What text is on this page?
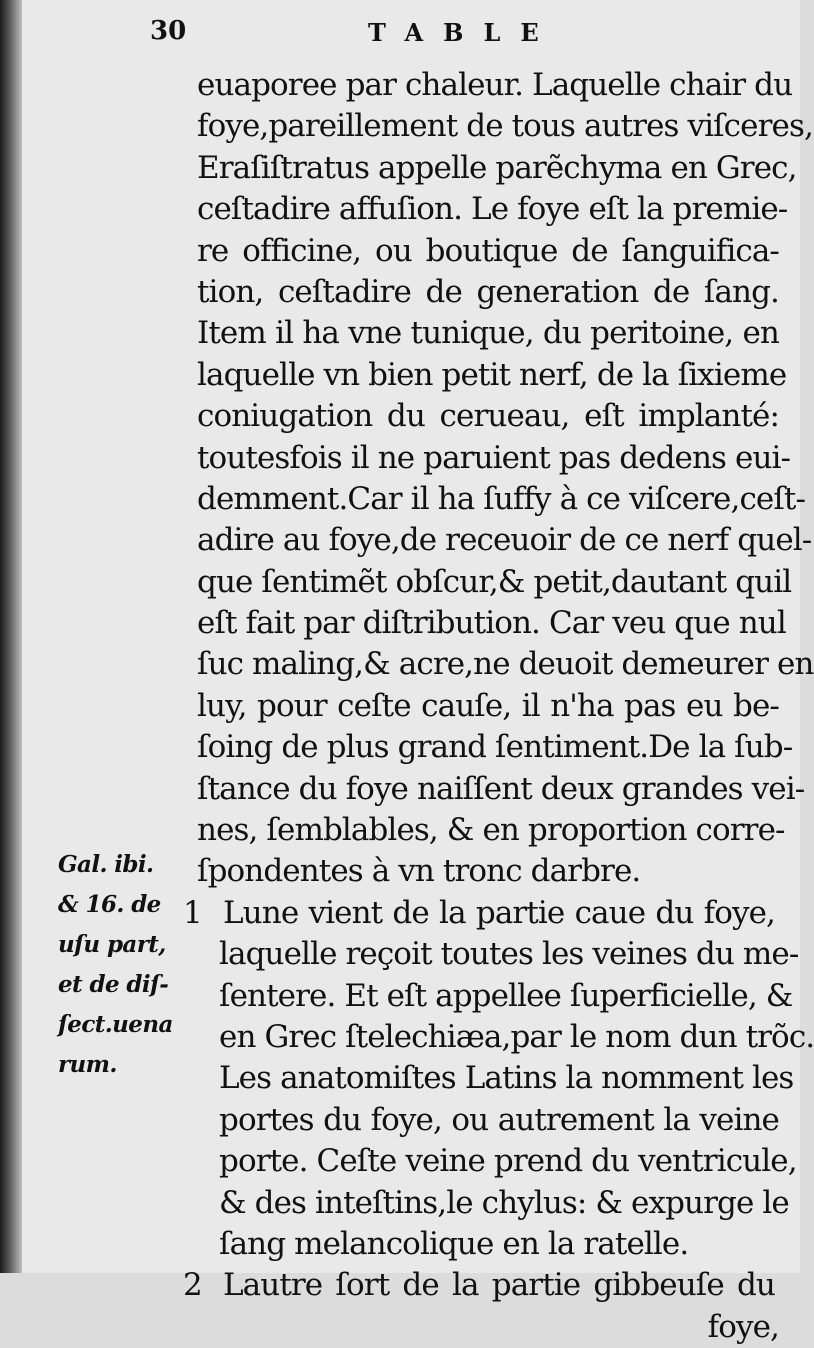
30	TABLE
Gal. ibi.
& 16. de
uſu part,
et de diſ-
ſect.uena
rum.
euaporee par chaleur. Laquelle chair du
foye,pareillement de tous autres viſceres,
Eraſiſtratus appelle parẽchyma en Grec,
ceſtadire affuſion. Le foye eſt la premie-
re officine, ou boutique de ſanguifica-
tion, ceſtadire de generation de ſang.
Item il ha vne tunique, du peritoine, en
laquelle vn bien petit nerf, de la ſixieme
coniugation du cerueau, eſt implanté:
toutesfois il ne paruient pas dedens eui-
demment.Car il ha ſuffy à ce viſcere,ceſt-
adire au foye,de receuoir de ce nerf quel-
que ſentimẽt obſcur,& petit,dautant quil
eſt fait par diſtribution. Car veu que nul
ſuc maling,& acre,ne deuoit demeurer en
luy, pour ceſte cauſe, il n'ha pas eu be-
ſoing de plus grand ſentiment.De la ſub-
ſtance du foye naiſſent deux grandes vei-
nes, ſemblables, & en proportion corre-
ſpondentes à vn tronc darbre.
1 Lune vient de la partie caue du foye,
laquelle reçoit toutes les veines du me-
ſentere. Et eſt appellee ſuperficielle, &
en Grec ſtelechiæa,par le nom dun trõc.
Les anatomiſtes Latins la nomment les
portes du foye, ou autrement la veine
porte. Ceſte veine prend du ventricule,
& des inteſtins,le chylus: & expurge le
ſang melancolique en la ratelle.
2 Lautre ſort de la partie gibbeuſe du
foye,
